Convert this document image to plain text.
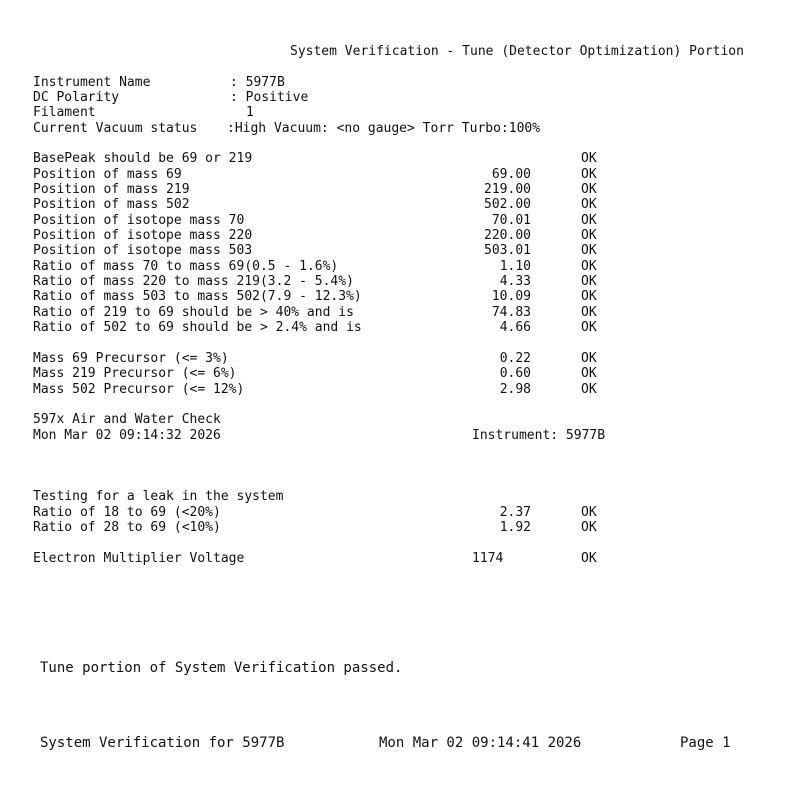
System Verification - Tune (Detector Optimization) Portion
Instrument Name	: 5977B
DC Polarity	: Positive
Filament	1
Current Vacuum status :High Vacuum: <no gauge> Torr Turbo:100%
BasePeak should be 69 or 219	OK
Position of mass 69	69.00	OK
Position of mass 219	219.00	OK
Position of mass 502	502.00	OK
Position of isotope mass 70	70.01	OK
Position of isotope mass 220	220.00	OK
Position of isotope mass 503	503.01	OK
Ratio of mass 70 to mass 69(0.5 - 1.6%)	1.10	OK
Ratio of mass 220 to mass 219(3.2 - 5.4%)	4.33	OK
Ratio of mass 503 to mass 502(7.9 - 12.3%)	10.09	OK
Ratio of 219 to 69 should be > 40% and is	74.83	OK
Ratio of 502 to 69 should be > 2.4% and is	4.66	OK
Mass 69 Precursor (<= 3%)	0.22	OK
Mass 219 Precursor (<= 6%)	0.60	OK
Mass 502 Precursor (<= 12%)	2.98	OK
597x Air and Water Check
Mon Mar 02 09:14:32 2026	Instrument: 5977B
Testing for a leak in the system
Ratio of 18 to 69 (<20%)	2.37	OK
Ratio of 28 to 69 (<10%)	1.92	OK
Electron Multiplier Voltage	1174	OK
Tune portion of System Verification passed.
System Verification for 5977B	Mon Mar 02 09:14:41 2026	Page 1
